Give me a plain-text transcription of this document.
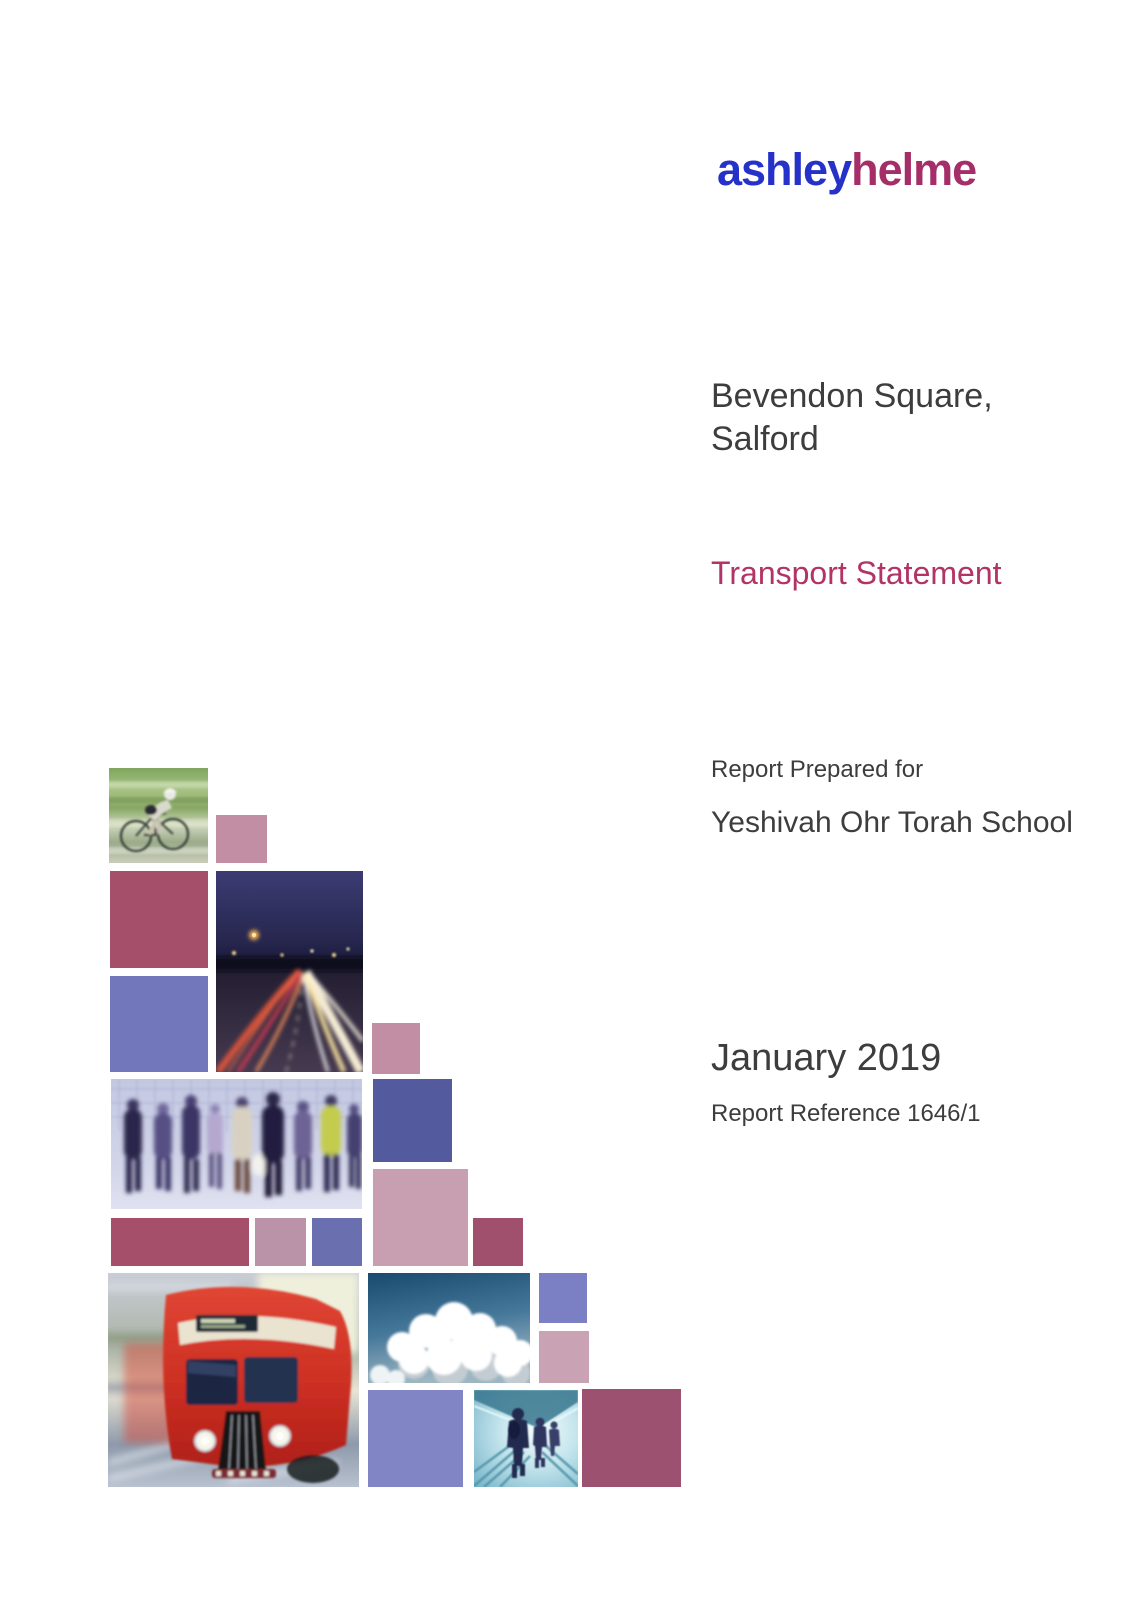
ashleyhelme
Bevendon Square,
Salford
Transport Statement
Report Prepared for
Yeshivah Ohr Torah School
January 2019
Report Reference 1646/1
